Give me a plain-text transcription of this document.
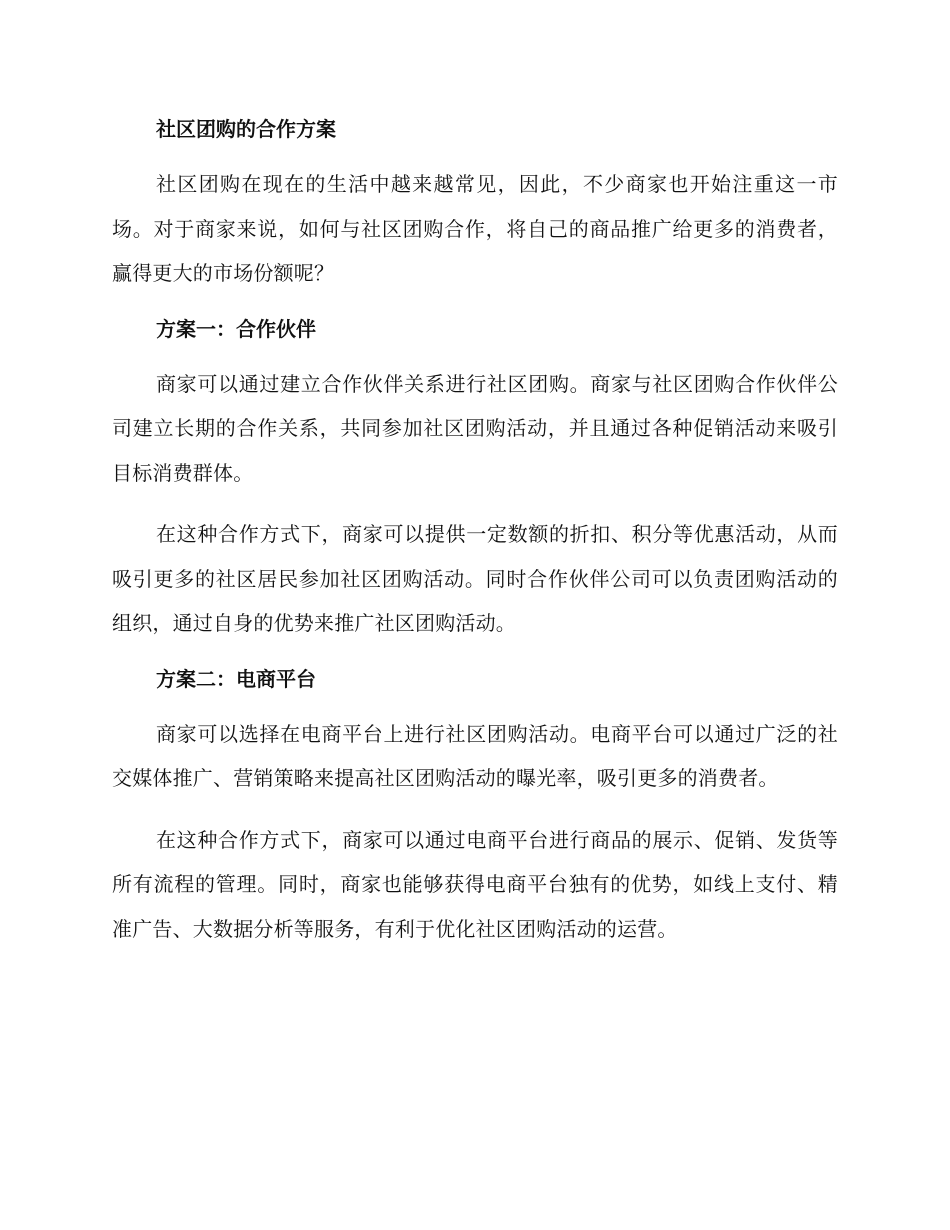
社区团购的合作方案

社区团购在现在的生活中越来越常见，因此，不少商家也开始注重这一市场。对于商家来说，如何与社区团购合作，将自己的商品推广给更多的消费者，赢得更大的市场份额呢？

方案一：合作伙伴

商家可以通过建立合作伙伴关系进行社区团购。商家与社区团购合作伙伴公司建立长期的合作关系，共同参加社区团购活动，并且通过各种促销活动来吸引目标消费群体。

在这种合作方式下，商家可以提供一定数额的折扣、积分等优惠活动，从而吸引更多的社区居民参加社区团购活动。同时合作伙伴公司可以负责团购活动的组织，通过自身的优势来推广社区团购活动。

方案二：电商平台

商家可以选择在电商平台上进行社区团购活动。电商平台可以通过广泛的社交媒体推广、营销策略来提高社区团购活动的曝光率，吸引更多的消费者。

在这种合作方式下，商家可以通过电商平台进行商品的展示、促销、发货等所有流程的管理。同时，商家也能够获得电商平台独有的优势，如线上支付、精准广告、大数据分析等服务，有利于优化社区团购活动的运营。
